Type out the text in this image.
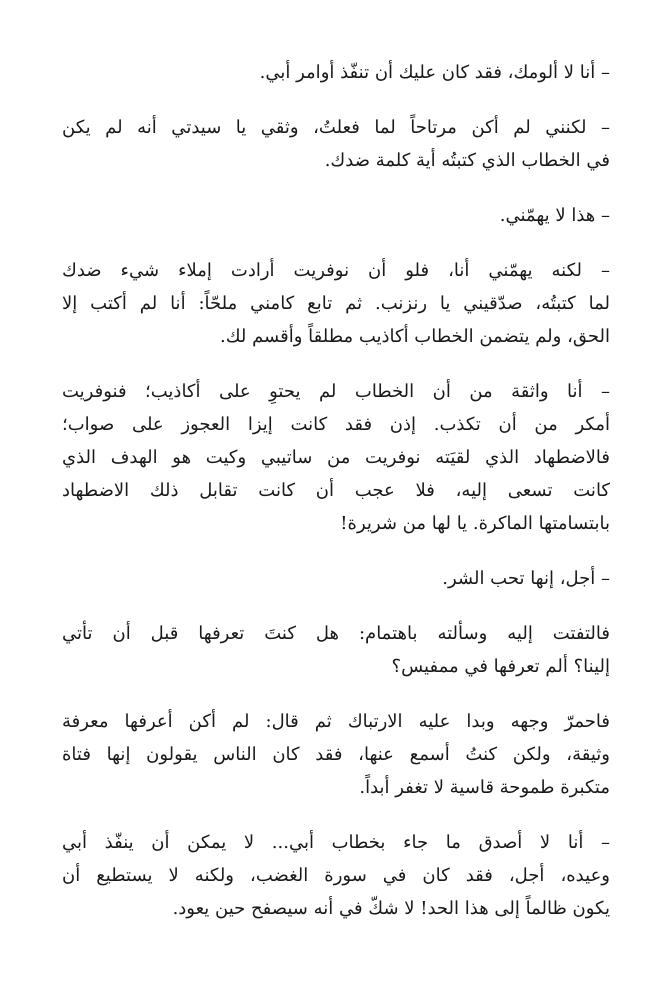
– أنا لا ألومك، فقد كان عليك أن تنفّذ أوامر أبي.
– لكنني لم أكن مرتاحاً لما فعلتُ، وثقي يا سيدتي أنه لم يكن
في الخطاب الذي كتبتُه أية كلمة ضدك.
– هذا لا يهمّني.
– لكنه يهمّني أنا، فلو أن نوفريت أرادت إملاء شيء ضدك
لما كتبتُه، صدّقيني يا رنزنب. ثم تابع كامني ملحّاً: أنا لم أكتب إلا
الحق، ولم يتضمن الخطاب أكاذيب مطلقاً وأقسم لك.
– أنا واثقة من أن الخطاب لم يحتوِ على أكاذيب؛ فنوفريت
أمكر من أن تكذب. إذن فقد كانت إيزا العجوز على صواب؛
فالاضطهاد الذي لقيَته نوفريت من ساتيبي وكيت هو الهدف الذي
كانت تسعى إليه، فلا عجب أن كانت تقابل ذلك الاضطهاد
بابتسامتها الماكرة. يا لها من شريرة!
– أجل، إنها تحب الشر.
فالتفتت إليه وسألته باهتمام: هل كنتَ تعرفها قبل أن تأتي
إلينا؟ ألم تعرفها في ممفيس؟
فاحمرّ وجهه وبدا عليه الارتباك ثم قال: لم أكن أعرفها معرفة
وثيقة، ولكن كنتُ أسمع عنها، فقد كان الناس يقولون إنها فتاة
متكبرة طموحة قاسية لا تغفر أبداً.
– أنا لا أصدق ما جاء بخطاب أبي... لا يمكن أن ينفّذ أبي
وعيده، أجل، فقد كان في سورة الغضب، ولكنه لا يستطيع أن
يكون ظالماً إلى هذا الحد! لا شكّ في أنه سيصفح حين يعود.
